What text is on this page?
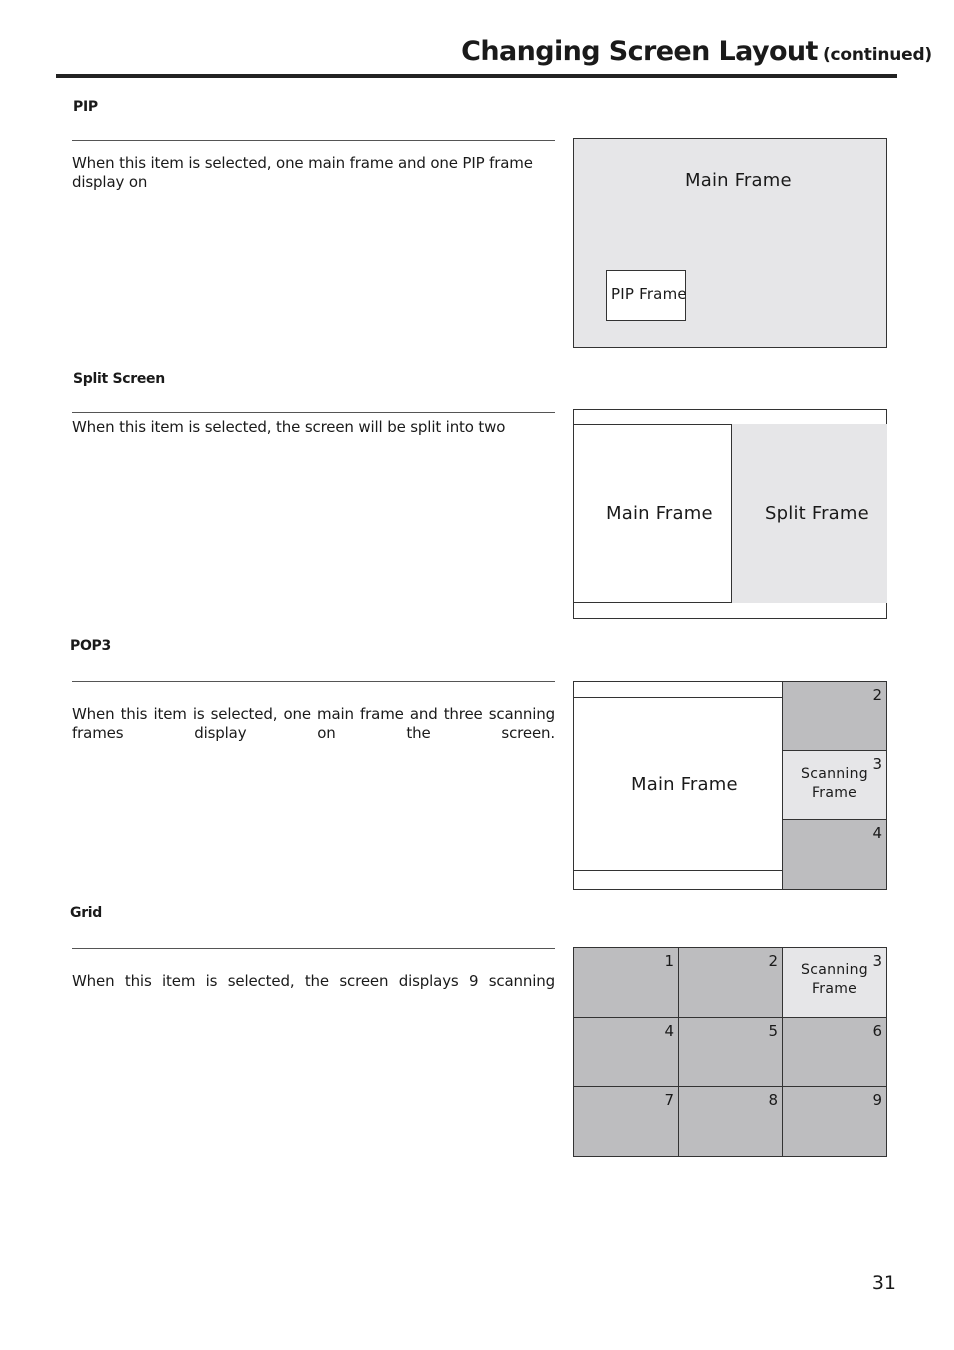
Changing Screen Layout (continued)
PIP
When this item is selected, one main frame and one PIP frame display on	Main Frame
PIP Frame
Split Screen
When this item is selected, the screen will be split into two
Main Frame	Split Frame
POP3
When this item is selected, one main frame and three scanning frames display on the screen.
Main Frame
2
3
Scanning
Frame
4
Grid
When this item is selected, the screen displays 9 scanning
1	2	3
Scanning
Frame
4	5	6
7	8	9
31
